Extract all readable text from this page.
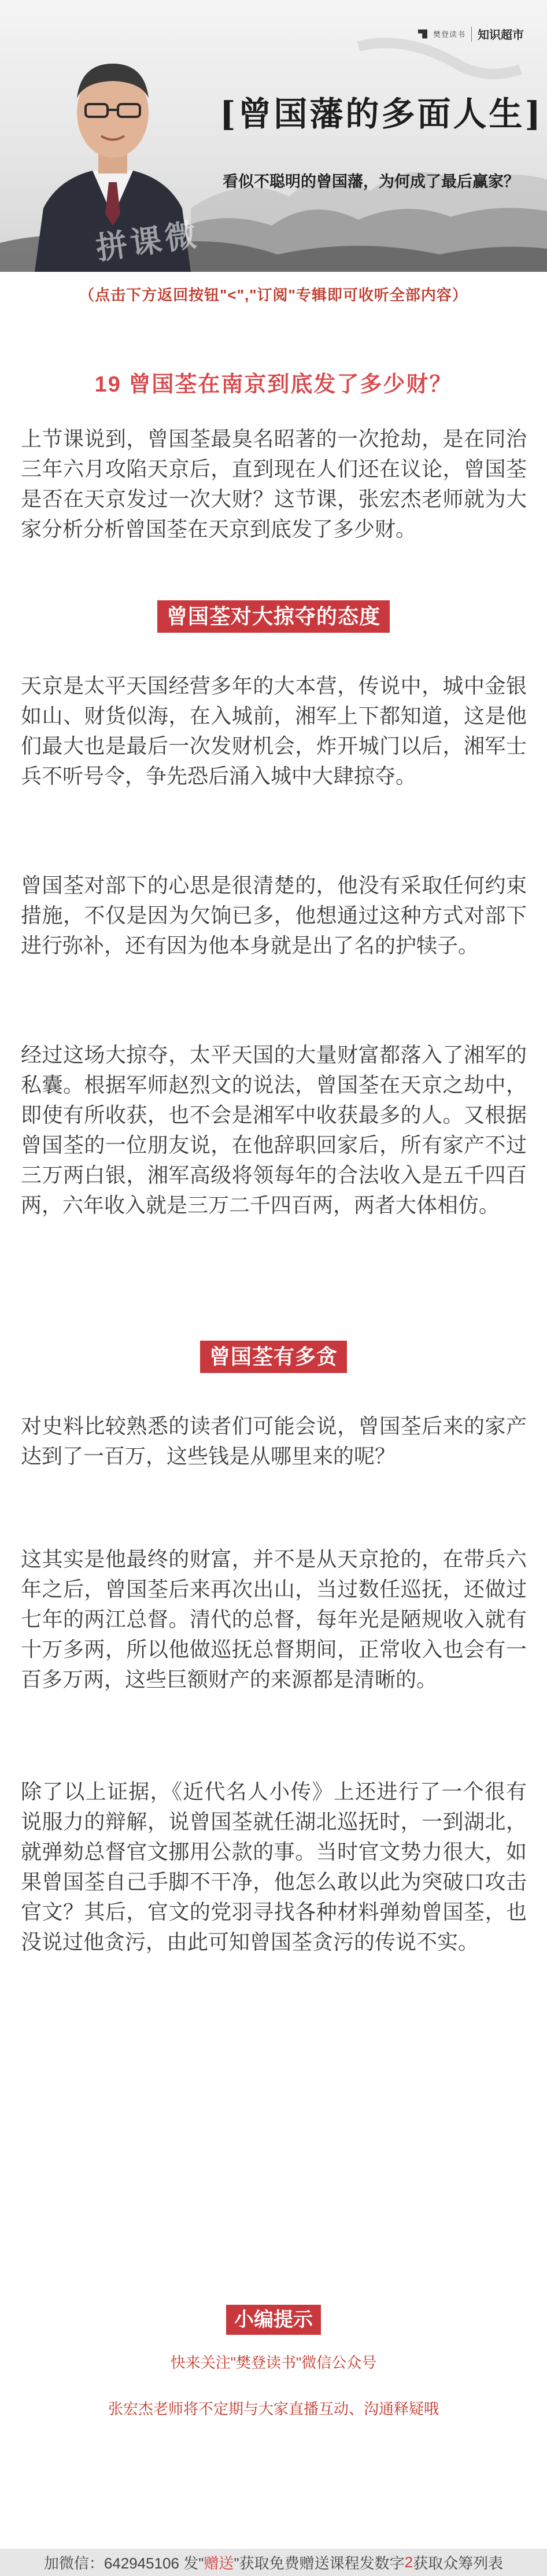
樊登读书 知识超市
[曾国藩的多面人生]
看似不聪明的曾国藩，为何成了最后赢家？
拼课微
（点击下方返回按钮"<","订阅"专辑即可收听全部内容）
19 曾国荃在南京到底发了多少财？

上节课说到，曾国荃最臭名昭著的一次抢劫，是在同治三年六月攻陷天京后，直到现在人们还在议论，曾国荃是否在天京发过一次大财？这节课，张宏杰老师就为大家分析分析曾国荃在天京到底发了多少财。

曾国荃对大掠夺的态度

天京是太平天国经营多年的大本营，传说中，城中金银如山、财货似海，在入城前，湘军上下都知道，这是他们最大也是最后一次发财机会，炸开城门以后，湘军士兵不听号令，争先恐后涌入城中大肆掠夺。

曾国荃对部下的心思是很清楚的，他没有采取任何约束措施，不仅是因为欠饷已多，他想通过这种方式对部下进行弥补，还有因为他本身就是出了名的护犊子。

经过这场大掠夺，太平天国的大量财富都落入了湘军的私囊。根据军师赵烈文的说法，曾国荃在天京之劫中，即使有所收获，也不会是湘军中收获最多的人。又根据曾国荃的一位朋友说，在他辞职回家后，所有家产不过三万两白银，湘军高级将领每年的合法收入是五千四百两，六年收入就是三万二千四百两，两者大体相仿。

曾国荃有多贪

对史料比较熟悉的读者们可能会说，曾国荃后来的家产达到了一百万，这些钱是从哪里来的呢？

这其实是他最终的财富，并不是从天京抢的，在带兵六年之后，曾国荃后来再次出山，当过数任巡抚，还做过七年的两江总督。清代的总督，每年光是陋规收入就有十万多两，所以他做巡抚总督期间，正常收入也会有一百多万两，这些巨额财产的来源都是清晰的。

除了以上证据，《近代名人小传》上还进行了一个很有说服力的辩解，说曾国荃就任湖北巡抚时，一到湖北，就弹劾总督官文挪用公款的事。当时官文势力很大，如果曾国荃自己手脚不干净，他怎么敢以此为突破口攻击官文？其后，官文的党羽寻找各种材料弹劾曾国荃，也没说过他贪污，由此可知曾国荃贪污的传说不实。

小编提示
快来关注"樊登读书"微信公众号
张宏杰老师将不定期与大家直播互动、沟通释疑哦
加微信：642945106 发" 赠送 "获取免费赠送课程发数字 2 获取众筹列表
